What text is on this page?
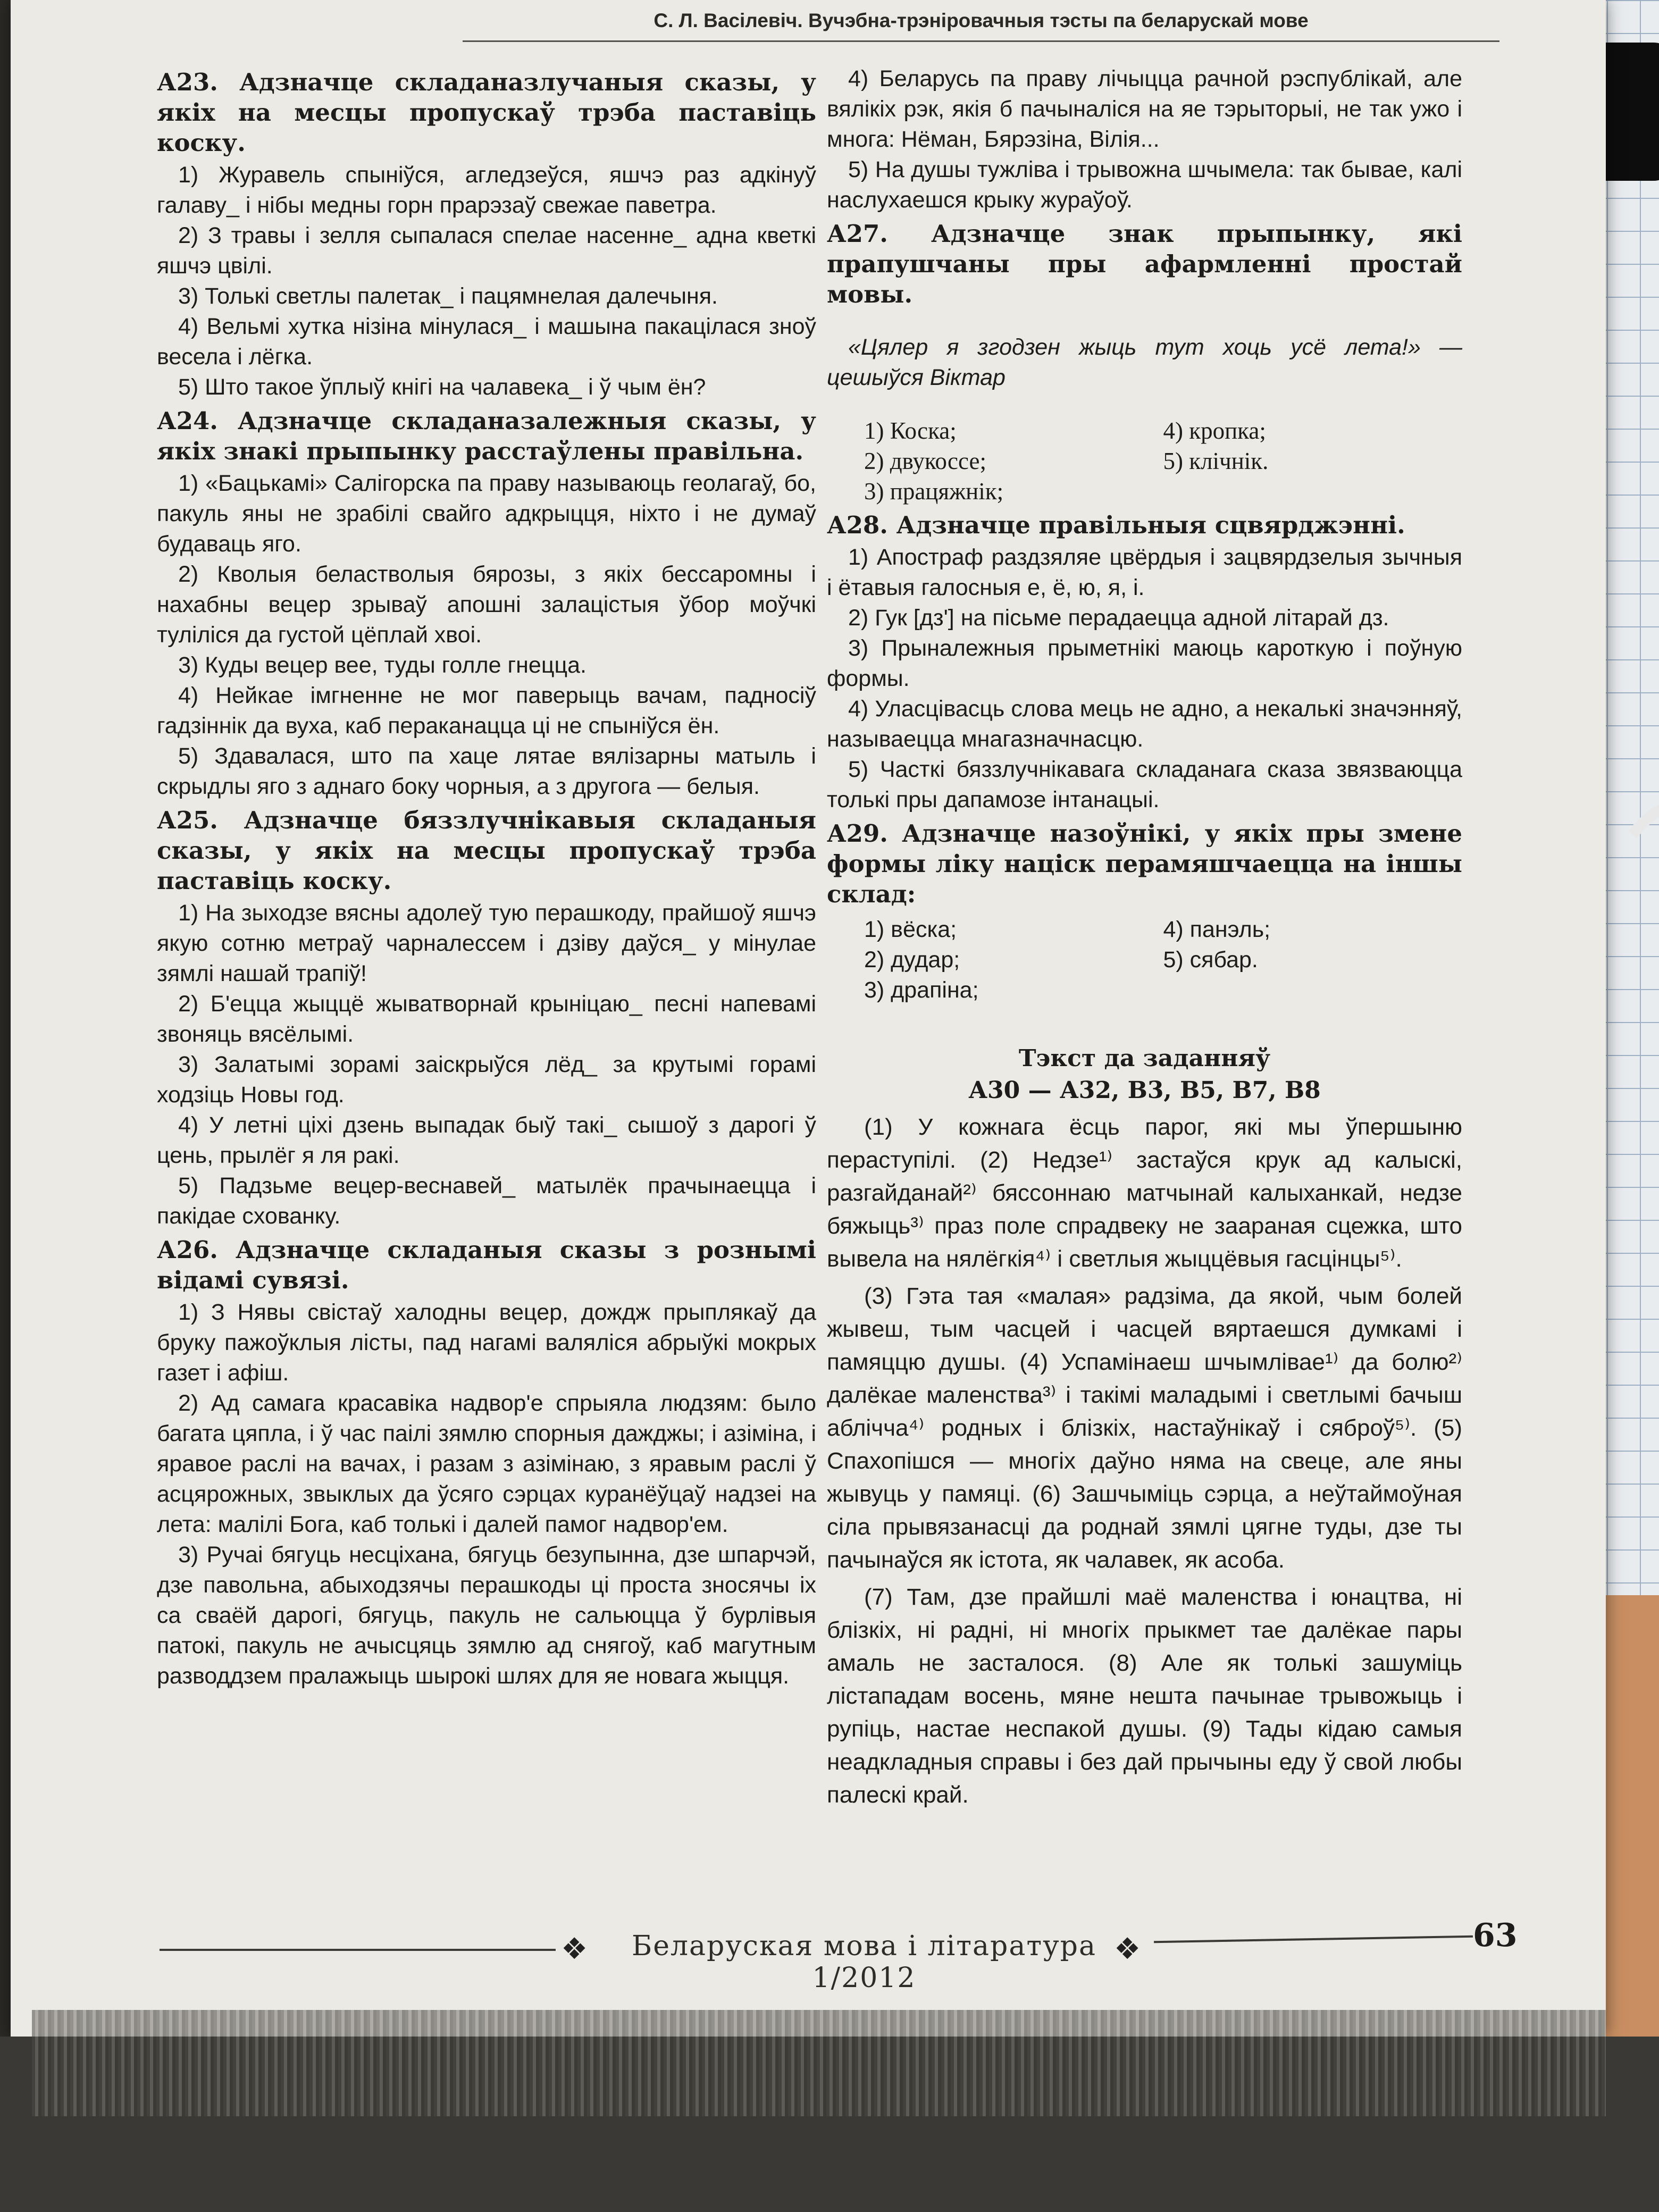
С. Л. Васілевіч. Вучэбна-трэніровачныя тэсты па беларускай мове
А23. Адзначце складаназлучаныя сказы, у якіх на месцы пропускаў трэба паставіць коску.

1) Журавель спыніўся, агледзеўся, яшчэ раз адкінуў галаву_ і нібы медны горн прарэзаў свежае паветра.

2) З травы і зелля сыпалася спелае насенне_ адна кветкі яшчэ цвілі.

3) Толькі светлы палетак_ і пацямнелая далечыня.

4) Вельмі хутка нізіна мінулася_ і машына пакацілася зноў весела і лёгка.

5) Што такое ўплыў кнігі на чалавека_ і ў чым ён?

А24. Адзначце складаназалежныя сказы, у якіх знакі прыпынку расстаўлены правільна.

1) «Бацькамі» Салігорска па праву называюць геолагаў, бо, пакуль яны не зрабілі свайго адкрыцця, ніхто і не думаў будаваць яго.

2) Кволыя беластволыя бярозы, з якіх бессаромны і нахабны вецер зрываў апошні залацістыя ўбор моўчкі туліліся да густой цёплай хвоі.

3) Куды вецер вее, туды голле гнецца.

4) Нейкае імгненне не мог паверыць вачам, падносіў гадзіннік да вуха, каб пераканацца ці не спыніўся ён.

5) Здавалася, што па хаце лятае вялізарны матыль і скрыдлы яго з аднаго боку чорныя, а з другога — белыя.

А25. Адзначце бяззлучнікавыя складаныя сказы, у якіх на месцы пропускаў трэба паставіць коску.

1) На зыходзе вясны адолеў тую перашкоду, прайшоў яшчэ якую сотню метраў чарналессем і дзіву даўся_ у мінулае зямлі нашай трапіў!

2) Б'ецца жыццё жыватворнай крыніцаю_ песні напевамі звоняць вясёлымі.

3) Залатымі зорамі заіскрыўся лёд_ за крутымі горамі ходзіць Новы год.

4) У летні ціхі дзень выпадак быў такі_ сышоў з дарогі ў цень, прылёг я ля ракі.

5) Падзьме вецер-веснавей_ матылёк прачынаецца і пакідае схованку.

А26. Адзначце складаныя сказы з рознымі відамі сувязі.

1) З Нявы свістаў халодны вецер, дождж прыплякаў да бруку пажоўклыя лісты, пад нагамі валяліся абрыўкі мокрых газет і афіш.

2) Ад самага красавіка надвор'е спрыяла людзям: было багата цяпла, і ў час паілі зямлю спорныя дажджы; і азіміна, і яравое раслі на вачах, і разам з азімінаю, з яравым раслі ў асцярожных, звыклых да ўсяго сэрцах куранёўцаў надзеі на лета: малілі Бога, каб толькі і далей памог надвор'ем.

3) Ручаі бягуць несціхана, бягуць безупынна, дзе шпарчэй, дзе павольна, абыходзячы перашкоды ці проста зносячы іх са сваёй дарогі, бягуць, пакуль не сальюцца ў бурлівыя патокі, пакуль не ачысцяць зямлю ад снягоў, каб магутным разводдзем пралажыць шырокі шлях для яе новага жыцця.

4) Беларусь па праву лічыцца рачной рэспублікай, але вялікіх рэк, якія б пачыналіся на яе тэрыторыі, не так ужо і многа: Нёман, Бярэзіна, Вілія...

5) На душы тужліва і трывожна шчымела: так бывае, калі наслухаешся крыку жураўоў.

А27. Адзначце знак прыпынку, які прапушчаны пры афармленні простай мовы.

«Цялер я згодзен жыць тут хоць усё лета!» — цешыўся Віктар

1) Коска;	4) кропка;

2) двукоссе;	5) клічнік.

3) працяжнік;

А28. Адзначце правільныя сцвярджэнні.

1) Апостраф раздзяляе цвёрдыя і зацвярдзелыя зычныя і ётавыя галосныя е, ё, ю, я, і.

2) Гук [дз'] на пісьме перадаецца адной літарай дз.

3) Прыналежныя прыметнікі маюць кароткую і поўную формы.

4) Уласцівасць слова мець не адно, а некалькі значэнняў, называецца мнагазначнасцю.

5) Часткі бяззлучнікавага складанага сказа звязваюцца толькі пры дапамозе інтанацыі.

А29. Адзначце назоўнікі, у якіх пры змене формы ліку націск перамяшчаецца на іншы склад:

1) вёска;	4) панэль;

2) дудар;	5) сябар.

3) драпіна;

Тэкст да заданняў
А30 — А32, В3, В5, В7, В8

(1) У кожнага ёсць парог, які мы ўпершыню пераступілі. (2) Недзе¹⁾ застаўся крук ад калыскі, разгайданай²⁾ бяссоннаю матчынай калыханкай, недзе бяжыць³⁾ праз поле спрадвеку не заараная сцежка, што вывела на нялёгкія⁴⁾ і светлыя жыццёвыя гасцінцы⁵⁾.

(3) Гэта тая «малая» радзіма, да якой, чым болей жывеш, тым часцей і часцей вяртаешся думкамі і памяццю душы. (4) Успамінаеш шчымлівае¹⁾ да болю²⁾ далёкае маленства³⁾ і такімі маладымі і светлымі бачыш аблічча⁴⁾ родных і блізкіх, настаўнікаў і сяброў⁵⁾. (5) Спахопішся — многіх даўно няма на свеце, але яны жывуць у памяці. (6) Зашчыміць сэрца, а неўтаймоўная сіла прывязанасці да роднай зямлі цягне туды, дзе ты пачынаўся як істота, як чалавек, як асоба.

(7) Там, дзе прайшлі маё маленства і юнацтва, ні блізкіх, ні радні, ні многіх прыкмет тае далёкае пары амаль не засталося. (8) Але як толькі зашуміць лістападам восень, мяне нешта пачынае трывожыць і рупіць, настае неспакой душы. (9) Тады кідаю самыя неадкладныя справы і без дай прычыны еду ў свой любы палескі край.

❖	Беларуская мова і літаратура 1/2012
❖	63
